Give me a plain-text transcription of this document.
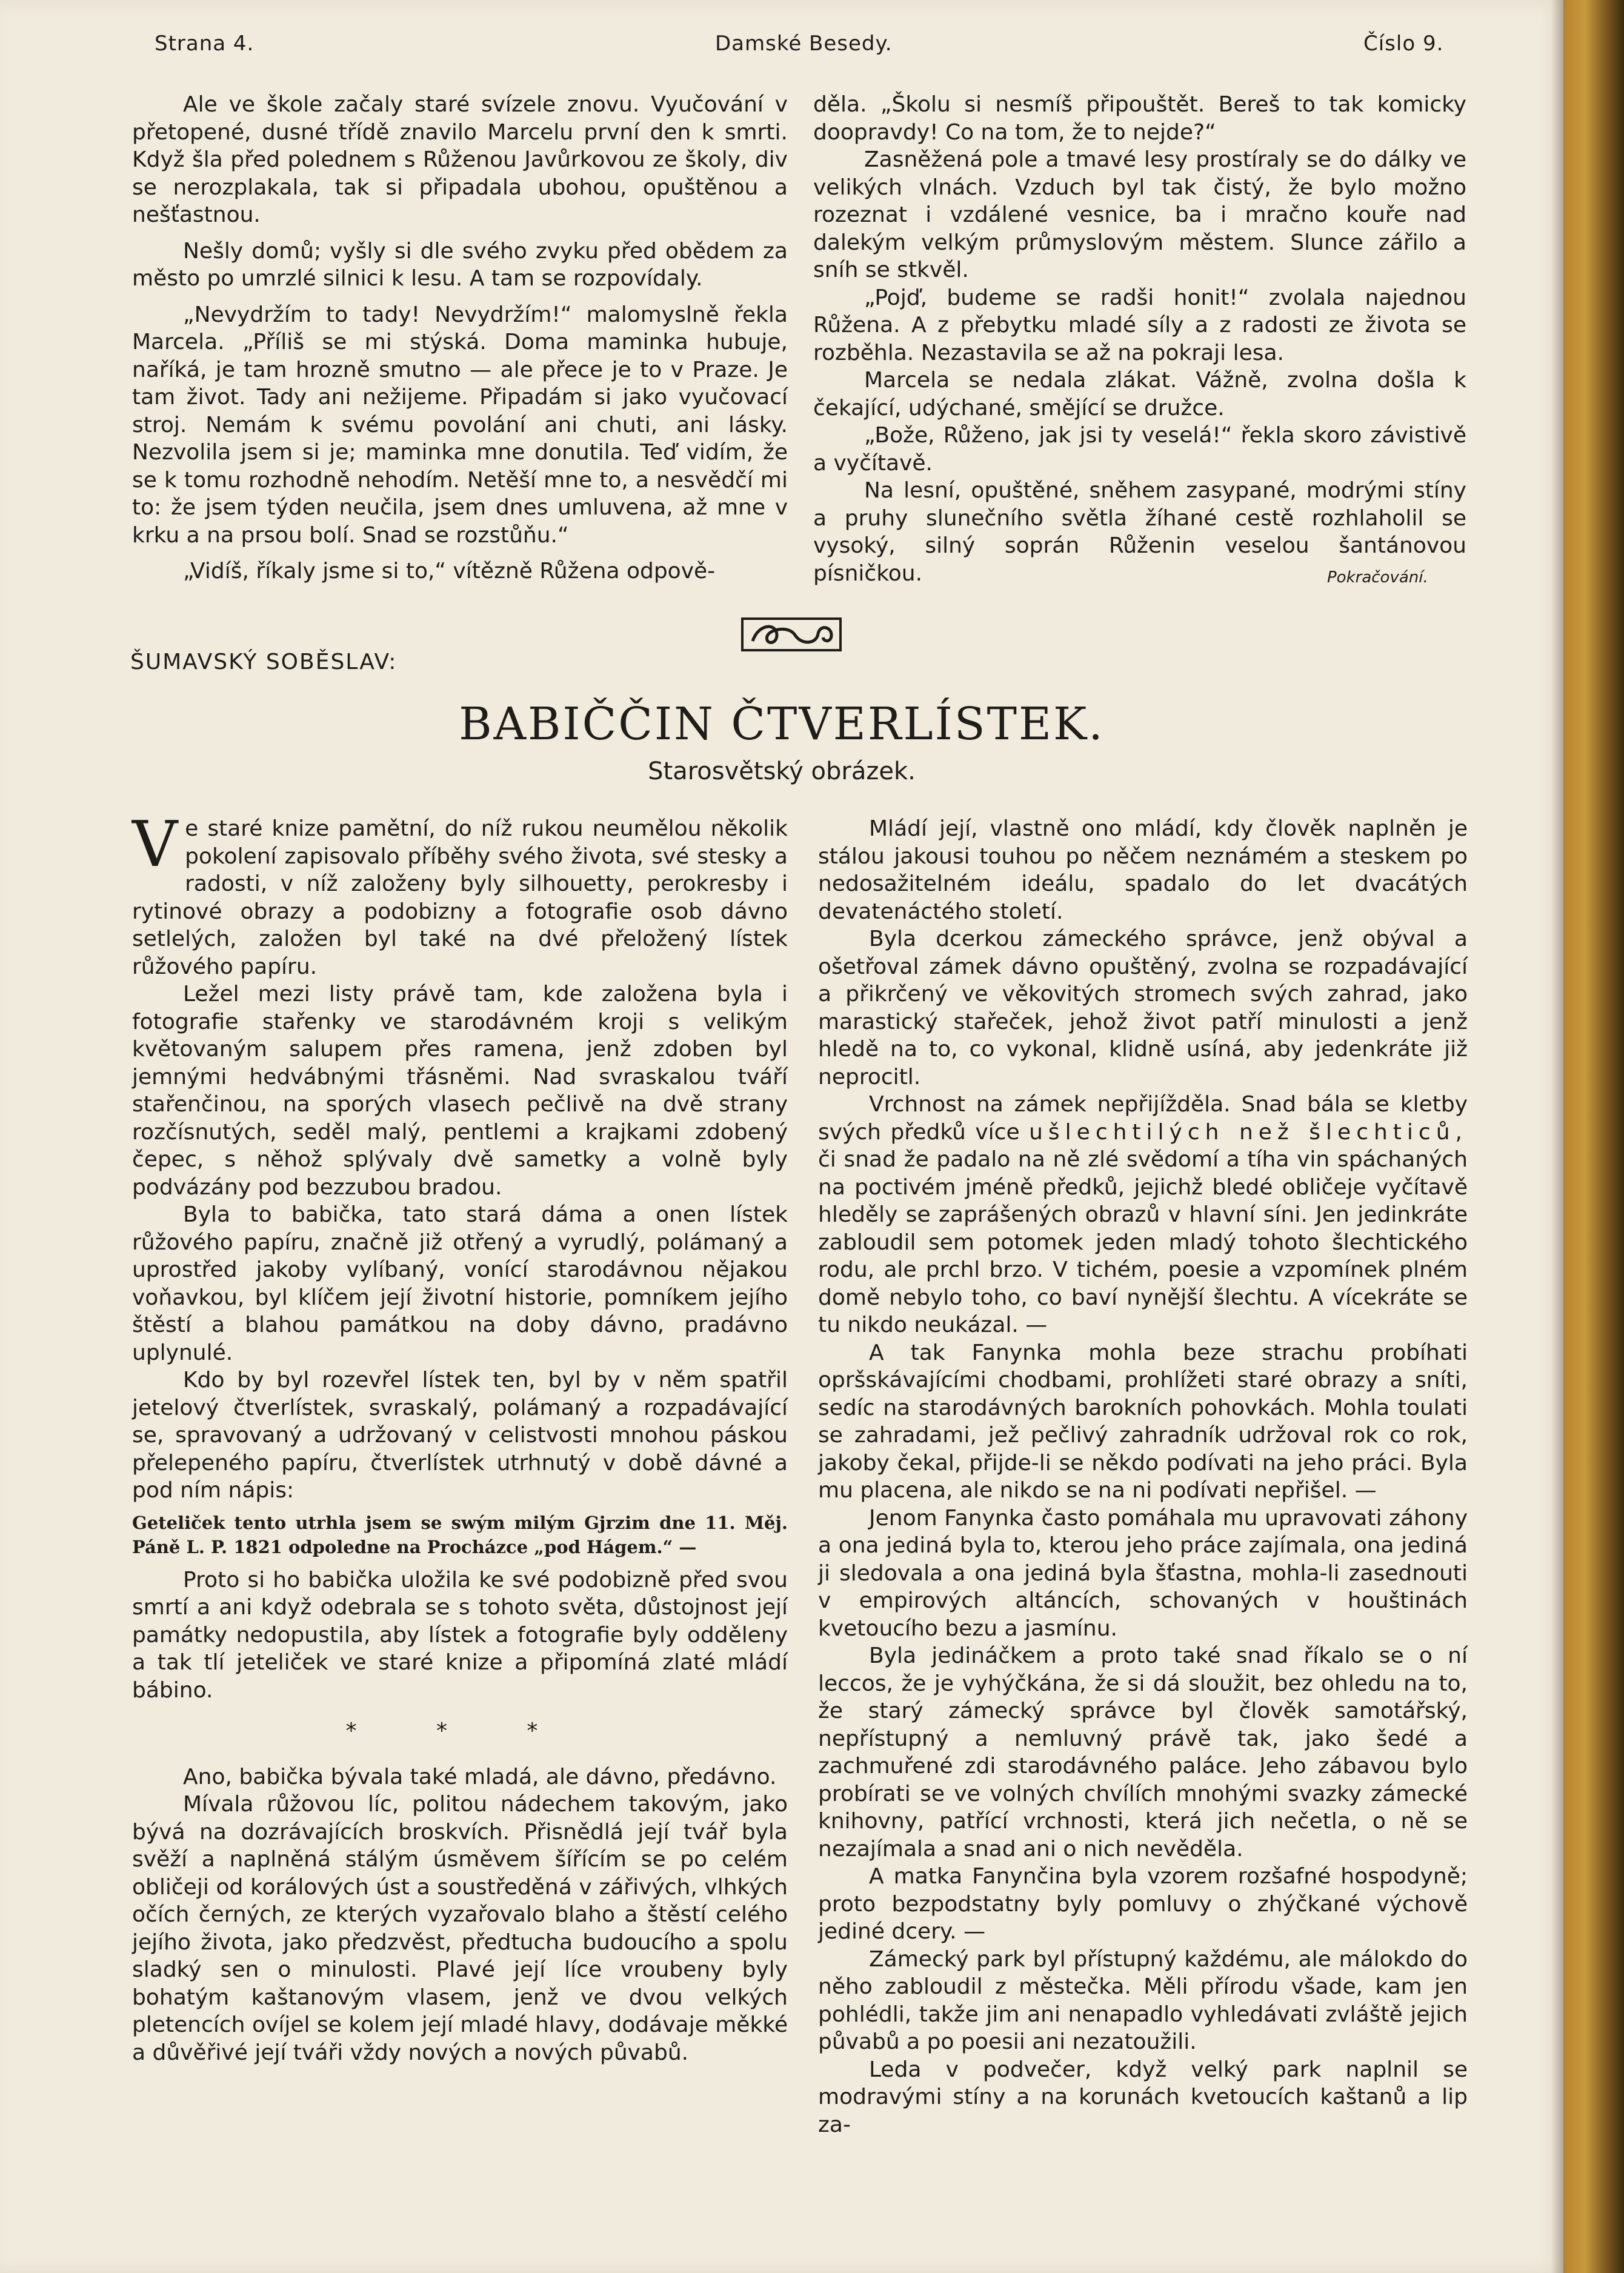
Strana 4.	Damské Besedy.	Číslo 9.

Ale ve škole začaly staré svízele znovu. Vyučování v přetopené, dusné třídě znavilo Marcelu první den k smrti. Když šla před polednem s Růženou Javůrkovou ze školy, div se nerozplakala, tak si připadala ubohou, opuštěnou a nešťastnou.

Nešly domů; vyšly si dle svého zvyku před obědem za město po umrzlé silnici k lesu. A tam se rozpovídaly.

„Nevydržím to tady! Nevydržím!“ malomyslně řekla Marcela. „Příliš se mi stýská. Doma maminka hubuje, naříká, je tam hrozně smutno — ale přece je to v Praze. Je tam život. Tady ani nežijeme. Připadám si jako vyučovací stroj. Nemám k svému povolání ani chuti, ani lásky. Nezvolila jsem si je; maminka mne donutila. Teď vidím, že se k tomu rozhodně nehodím. Netěší mne to, a nesvědčí mi to: že jsem týden neučila, jsem dnes umluvena, až mne v krku a na prsou bolí. Snad se rozstůňu.“

„Vidíš, říkaly jsme si to,“ vítězně Růžena odpově-

děla. „Školu si nesmíš připouštět. Bereš to tak komicky doopravdy! Co na tom, že to nejde?“

Zasněžená pole a tmavé lesy prostíraly se do dálky ve velikých vlnách. Vzduch byl tak čistý, že bylo možno rozeznat i vzdálené vesnice, ba i mračno kouře nad dalekým velkým průmyslovým městem. Slunce zářilo a sníh se stkvěl.

„Pojď, budeme se radši honit!“ zvolala najednou Růžena. A z přebytku mladé síly a z radosti ze života se rozběhla. Nezastavila se až na pokraji lesa.

Marcela se nedala zlákat. Vážně, zvolna došla k čekající, udýchané, smějící se družce.

„Bože, Růženo, jak jsi ty veselá!“ řekla skoro závistivě a vyčítavě.

Na lesní, opuštěné, sněhem zasypané, modrými stíny a pruhy slunečního světla žíhané cestě rozhlaholil se vysoký, silný soprán Růženin veselou šantánovou písničkou.	Pokračování.
ŠUMAVSKÝ SOBĚSLAV:
BABIČČIN ČTVERLÍSTEK.
Starosvětský obrázek.

Ve staré knize pamětní, do níž rukou neumělou několik pokolení zapisovalo příběhy svého života, své stesky a radosti, v níž založeny byly silhouetty, perokresby i rytinové obrazy a podobizny a fotografie osob dávno setlelých, založen byl také na dvé přeložený lístek růžového papíru.

Ležel mezi listy právě tam, kde založena byla i fotografie stařenky ve starodávném kroji s velikým květovaným salupem přes ramena, jenž zdoben byl jemnými hedvábnými třásněmi. Nad svraskalou tváří stařenčinou, na sporých vlasech pečlivě na dvě strany rozčísnutých, seděl malý, pentlemi a krajkami zdobený čepec, s něhož splývaly dvě sametky a volně byly podvázány pod bezzubou bradou.

Byla to babička, tato stará dáma a onen lístek růžového papíru, značně již otřený a vyrudlý, polámaný a uprostřed jakoby vylíbaný, vonící starodávnou nějakou voňavkou, byl klíčem její životní historie, pomníkem jejího štěstí a blahou památkou na doby dávno, pradávno uplynulé.

Kdo by byl rozevřel lístek ten, byl by v něm spatřil jetelový čtverlístek, svraskalý, polámaný a rozpadávající se, spravovaný a udržovaný v celistvosti mnohou páskou přelepeného papíru, čtverlístek utrhnutý v době dávné a pod ním nápis:

Geteliček tento utrhla jsem se swým milým Gjrzim dne 11. Měj. Páně L. P. 1821 odpoledne na Procházce „pod Hágem.“ —

Proto si ho babička uložila ke své podobizně před svou smrtí a ani když odebrala se s tohoto světa, důstojnost její památky nedopustila, aby lístek a fotografie byly odděleny a tak tlí jeteliček ve staré knize a připomíná zlaté mládí bábino.

* * *

Ano, babička bývala také mladá, ale dávno, předávno.

Mívala růžovou líc, politou nádechem takovým, jako bývá na dozrávajících broskvích. Přisnědlá její tvář byla svěží a naplněná stálým úsměvem šířícím se po celém obličeji od korálových úst a soustředěná v zářivých, vlhkých očích černých, ze kterých vyzařovalo blaho a štěstí celého jejího života, jako předzvěst, předtucha budoucího a spolu sladký sen o minulosti. Plavé její líce vroubeny byly bohatým kaštanovým vlasem, jenž ve dvou velkých pletencích ovíjel se kolem její mladé hlavy, dodávaje měkké a důvěřivé její tváři vždy nových a nových půvabů.

Mládí její, vlastně ono mládí, kdy člověk naplněn je stálou jakousi touhou po něčem neznámém a steskem po nedosažitelném ideálu, spadalo do let dvacátých devatenáctého století.

Byla dcerkou zámeckého správce, jenž obýval a ošetřoval zámek dávno opuštěný, zvolna se rozpadávající a přikrčený ve věkovitých stromech svých zahrad, jako marastický stařeček, jehož život patří minulosti a jenž hledě na to, co vykonal, klidně usíná, aby jedenkráte již neprocitl.

Vrchnost na zámek nepřijížděla. Snad bála se kletby svých předků více ušlechtilých než šlechticů, či snad že padalo na ně zlé svědomí a tíha vin spáchaných na poctivém jméně předků, jejichž bledé obličeje vyčítavě hleděly se zaprášených obrazů v hlavní síni. Jen jedinkráte zabloudil sem potomek jeden mladý tohoto šlechtického rodu, ale prchl brzo. V tichém, poesie a vzpomínek plném domě nebylo toho, co baví nynější šlechtu. A vícekráte se tu nikdo neukázal. —

A tak Fanynka mohla beze strachu probíhati opršskávajícími chodbami, prohlížeti staré obrazy a sníti, sedíc na starodávných barokních pohovkách. Mohla toulati se zahradami, jež pečlivý zahradník udržoval rok co rok, jakoby čekal, přijde-li se někdo podívati na jeho práci. Byla mu placena, ale nikdo se na ni podívati nepřišel. —

Jenom Fanynka často pomáhala mu upravovati záhony a ona jediná byla to, kterou jeho práce zajímala, ona jediná ji sledovala a ona jediná byla šťastna, mohla-li zasednouti v empirových altáncích, schovaných v houštinách kvetoucího bezu a jasmínu.

Byla jedináčkem a proto také snad říkalo se o ní leccos, že je vyhýčkána, že si dá sloužit, bez ohledu na to, že starý zámecký správce byl člověk samotářský, nepřístupný a nemluvný právě tak, jako šedé a zachmuřené zdi starodávného paláce. Jeho zábavou bylo probírati se ve volných chvílích mnohými svazky zámecké knihovny, patřící vrchnosti, která jich nečetla, o ně se nezajímala a snad ani o nich nevěděla.

A matka Fanynčina byla vzorem rozšafné hospodyně; proto bezpodstatny byly pomluvy o zhýčkané výchově jediné dcery. —

Zámecký park byl přístupný každému, ale málokdo do něho zabloudil z městečka. Měli přírodu všade, kam jen pohlédli, takže jim ani nenapadlo vyhledávati zvláště jejich půvabů a po poesii ani nezatoužili.

Leda v podvečer, když velký park naplnil se modravými stíny a na korunách kvetoucích kaštanů a lip za-
